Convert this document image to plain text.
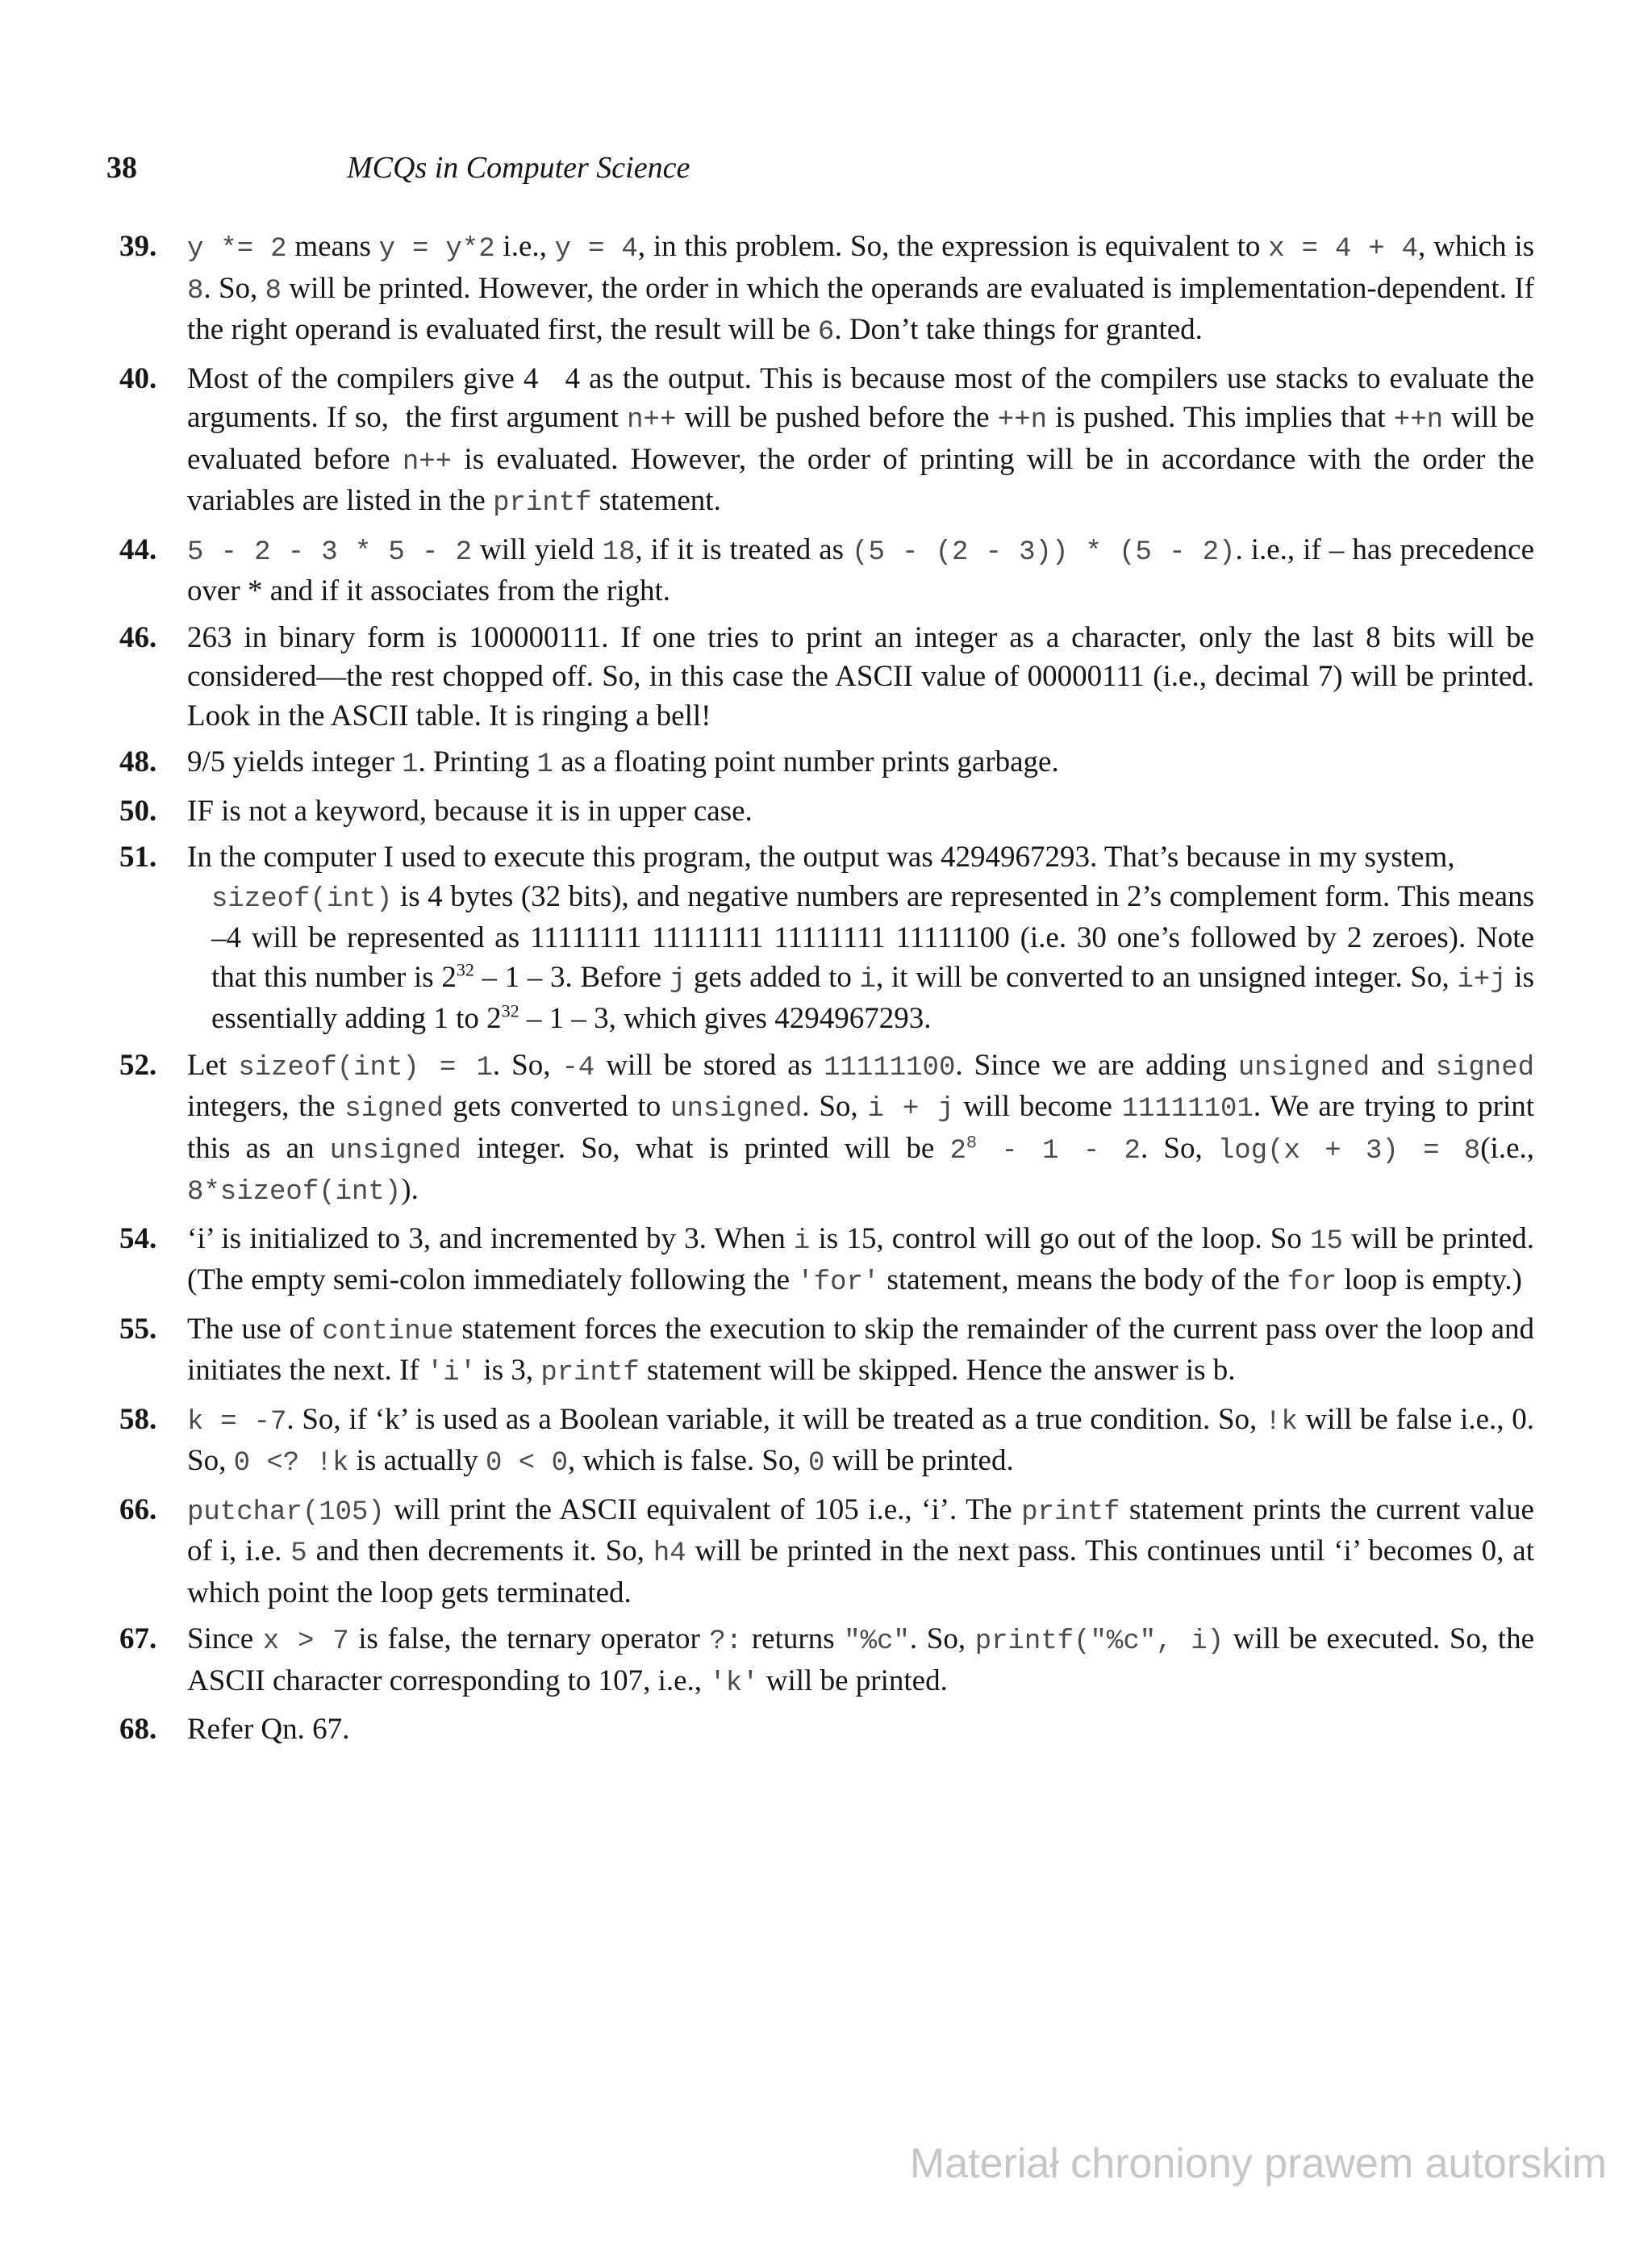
38	MCQs in Computer Science
39. y *= 2 means y = y*2 i.e., y = 4, in this problem. So, the expression is equivalent to x = 4 + 4, which is 8. So, 8 will be printed. However, the order in which the operands are evaluated is implementation-dependent. If the right operand is evaluated first, the result will be 6. Don’t take things for granted.
40. Most of the compilers give 4   4 as the output. This is because most of the compilers use stacks to evaluate the arguments. If so,  the first argument n++ will be pushed before the ++n is pushed. This implies that ++n will be evaluated before n++ is evaluated. However, the order of printing will be in accordance with the order the variables are listed in the printf statement.
44. 5 - 2 - 3 * 5 - 2 will yield 18, if it is treated as (5 - (2 - 3)) * (5 - 2). i.e., if – has precedence over * and if it associates from the right.
46. 263 in binary form is 100000111. If one tries to print an integer as a character, only the last 8 bits will be considered—the rest chopped off. So, in this case the ASCII value of 00000111 (i.e., decimal 7) will be printed. Look in the ASCII table. It is ringing a bell!
48. 9/5 yields integer 1. Printing 1 as a floating point number prints garbage.
50. IF is not a keyword, because it is in upper case.
51. In the computer I used to execute this program, the output was 4294967293. That’s because in my system,
sizeof(int) is 4 bytes (32 bits), and negative numbers are represented in 2’s complement form. This means –4 will be represented as 11111111 11111111 11111111 11111100 (i.e. 30 one’s followed by 2 zeroes). Note that this number is $2^{32} - 1 - 3$. Before j gets added to i, it will be converted to an unsigned integer. So, i+j is essentially adding 1 to $2^{32} - 1 - 3$, which gives 4294967293.
52. Let sizeof(int) = 1. So, -4 will be stored as 11111100. Since we are adding unsigned and signed integers, the signed gets converted to unsigned. So, i + j will become 11111101. We are trying to print this as an unsigned integer. So, what is printed will be $2^8 - 1 - 2$. So, log(x + 3) = 8(i.e., 8*sizeof(int)).
54. ‘i’ is initialized to 3, and incremented by 3. When i is 15, control will go out of the loop. So 15 will be printed. (The empty semi-colon immediately following the 'for' statement, means the body of the for loop is empty.)
55. The use of continue statement forces the execution to skip the remainder of the current pass over the loop and initiates the next. If 'i' is 3, printf statement will be skipped. Hence the answer is b.
58. k = -7. So, if ‘k’ is used as a Boolean variable, it will be treated as a true condition. So, !k will be false i.e., 0. So, 0 <? !k is actually 0 < 0, which is false. So, 0 will be printed.
66. putchar(105) will print the ASCII equivalent of 105 i.e., ‘i’. The printf statement prints the current value of i, i.e. 5 and then decrements it. So, h4 will be printed in the next pass. This continues until ‘i’ becomes 0, at which point the loop gets terminated.
67. Since x > 7 is false, the ternary operator ?: returns "%c". So, printf("%c", i) will be executed. So, the ASCII character corresponding to 107, i.e., 'k' will be printed.
68. Refer Qn. 67.
Materiał chroniony prawem autorskim
